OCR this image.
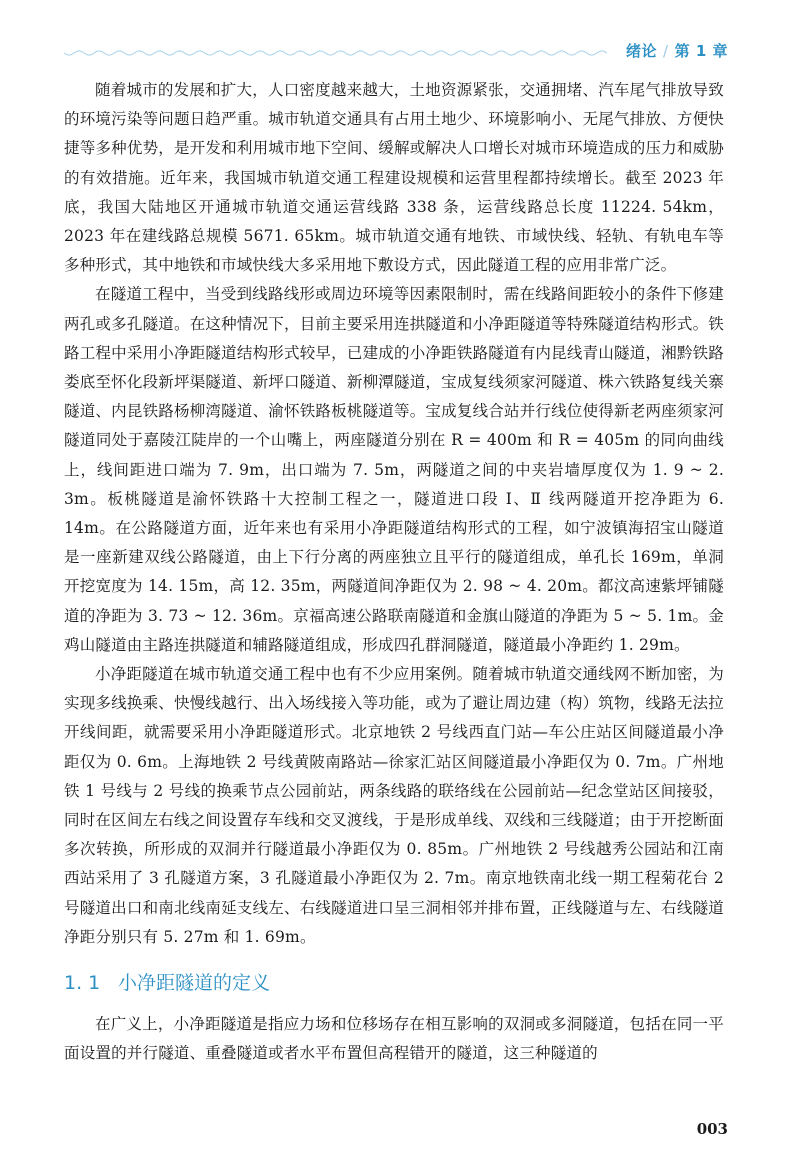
绪论 / 第 1 章

随着城市的发展和扩大，人口密度越来越大，土地资源紧张，交通拥堵、汽车尾气排放导致的环境污染等问题日趋严重。城市轨道交通具有占用土地少、环境影响小、无尾气排放、方便快捷等多种优势，是开发和利用城市地下空间、缓解或解决人口增长对城市环境造成的压力和威胁的有效措施。近年来，我国城市轨道交通工程建设规模和运营里程都持续增长。截至 2023 年底，我国大陆地区开通城市轨道交通运营线路 338 条，运营线路总长度 11224. 54km，2023 年在建线路总规模 5671. 65km。城市轨道交通有地铁、市域快线、轻轨、有轨电车等多种形式，其中地铁和市域快线大多采用地下敷设方式，因此隧道工程的应用非常广泛。

在隧道工程中，当受到线路线形或周边环境等因素限制时，需在线路间距较小的条件下修建两孔或多孔隧道。在这种情况下，目前主要采用连拱隧道和小净距隧道等特殊隧道结构形式。铁路工程中采用小净距隧道结构形式较早，已建成的小净距铁路隧道有内昆线青山隧道，湘黔铁路娄底至怀化段新坪渠隧道、新坪口隧道、新柳潭隧道，宝成复线须家河隧道、株六铁路复线关寨隧道、内昆铁路杨柳湾隧道、渝怀铁路板桃隧道等。宝成复线合站并行线位使得新老两座须家河隧道同处于嘉陵江陡岸的一个山嘴上，两座隧道分别在 R = 400m 和 R = 405m 的同向曲线上，线间距进口端为 7. 9m，出口端为 7. 5m，两隧道之间的中夹岩墙厚度仅为 1. 9 ~ 2. 3m。板桃隧道是渝怀铁路十大控制工程之一，隧道进口段 Ⅰ、Ⅱ 线两隧道开挖净距为 6. 14m。在公路隧道方面，近年来也有采用小净距隧道结构形式的工程，如宁波镇海招宝山隧道是一座新建双线公路隧道，由上下行分离的两座独立且平行的隧道组成，单孔长 169m，单洞开挖宽度为 14. 15m，高 12. 35m，两隧道间净距仅为 2. 98 ~ 4. 20m。都汶高速紫坪铺隧道的净距为 3. 73 ~ 12. 36m。京福高速公路联南隧道和金旗山隧道的净距为 5 ~ 5. 1m。金鸡山隧道由主路连拱隧道和辅路隧道组成，形成四孔群洞隧道，隧道最小净距约 1. 29m。

小净距隧道在城市轨道交通工程中也有不少应用案例。随着城市轨道交通线网不断加密，为实现多线换乘、快慢线越行、出入场线接入等功能，或为了避让周边建（构）筑物，线路无法拉开线间距，就需要采用小净距隧道形式。北京地铁 2 号线西直门站—车公庄站区间隧道最小净距仅为 0. 6m。上海地铁 2 号线黄陂南路站—徐家汇站区间隧道最小净距仅为 0. 7m。广州地铁 1 号线与 2 号线的换乘节点公园前站，两条线路的联络线在公园前站—纪念堂站区间接驳，同时在区间左右线之间设置存车线和交叉渡线，于是形成单线、双线和三线隧道；由于开挖断面多次转换，所形成的双洞并行隧道最小净距仅为 0. 85m。广州地铁 2 号线越秀公园站和江南西站采用了 3 孔隧道方案，3 孔隧道最小净距仅为 2. 7m。南京地铁南北线一期工程菊花台 2 号隧道出口和南北线南延支线左、右线隧道进口呈三洞相邻并排布置，正线隧道与左、右线隧道净距分别只有 5. 27m 和 1. 69m。

1. 1 小净距隧道的定义

在广义上，小净距隧道是指应力场和位移场存在相互影响的双洞或多洞隧道，包括在同一平面设置的并行隧道、重叠隧道或者水平布置但高程错开的隧道，这三种隧道的

003
